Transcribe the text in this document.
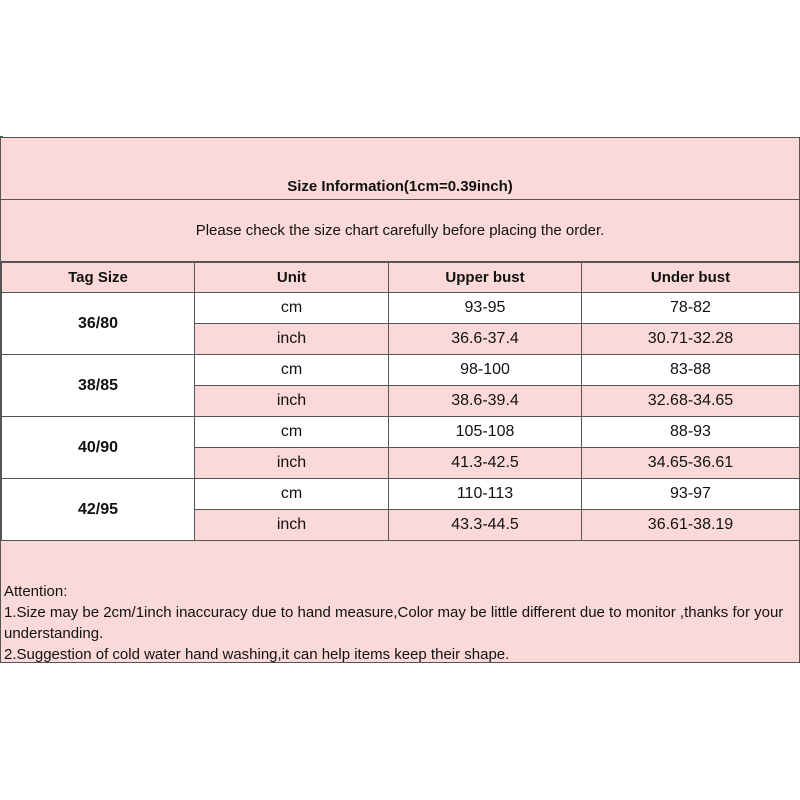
Size Information(1cm=0.39inch)
Please check the size chart carefully before placing the order.
Tag Size	Unit	Upper bust	Under bust
36/80	cm	93-95	78-82
	inch	36.6-37.4	30.71-32.28
38/85	cm	98-100	83-88
	inch	38.6-39.4	32.68-34.65
40/90	cm	105-108	88-93
	inch	41.3-42.5	34.65-36.61
42/95	cm	110-113	93-97
	inch	43.3-44.5	36.61-38.19
Attention:
1.Size may be 2cm/1inch inaccuracy due to hand measure,Color may be little different due to monitor ,thanks for your understanding.
2.Suggestion of cold water hand washing,it can help items keep their shape.
